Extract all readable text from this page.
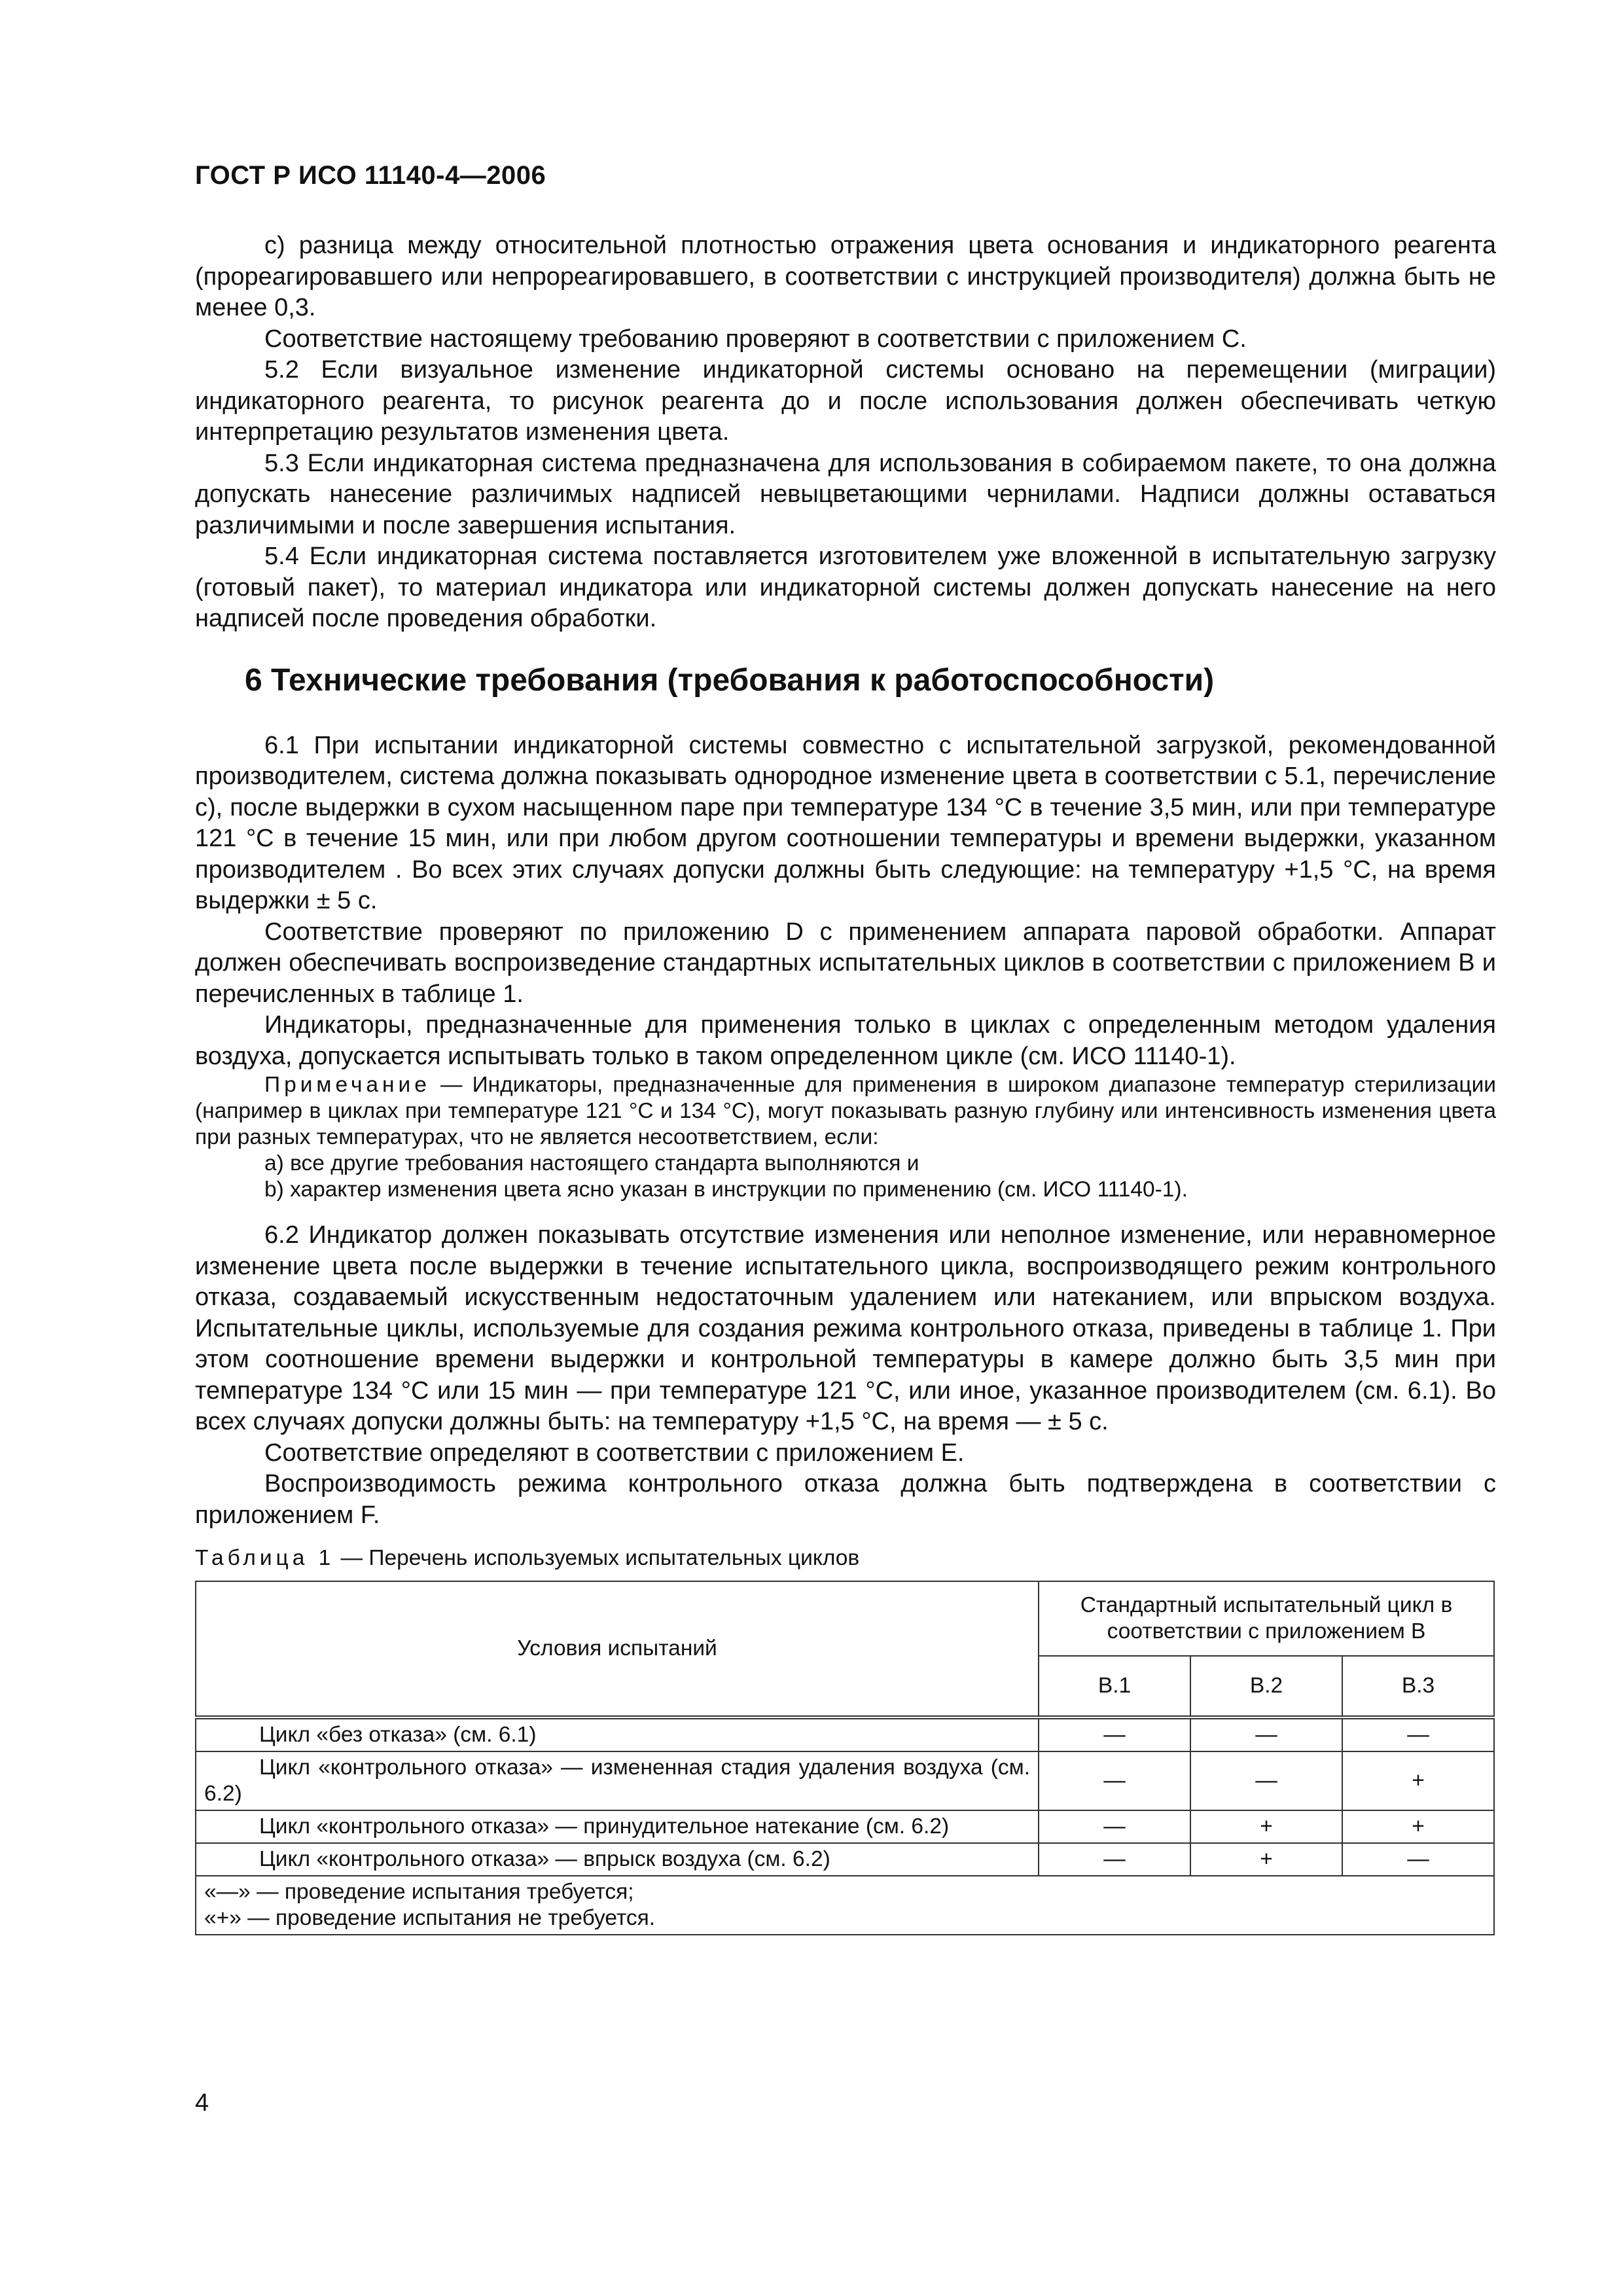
ГОСТ Р ИСО 11140-4—2006

с) разница между относительной плотностью отражения цвета основания и индикаторного реагента (прореагировавшего или непрореагировавшего, в соответствии с инструкцией производителя) должна быть не менее 0,3.

Соответствие настоящему требованию проверяют в соответствии с приложением С.

5.2 Если визуальное изменение индикаторной системы основано на перемещении (миграции) индикаторного реагента, то рисунок реагента до и после использования должен обеспечивать четкую интерпретацию результатов изменения цвета.

5.3 Если индикаторная система предназначена для использования в собираемом пакете, то она должна допускать нанесение различимых надписей невыцветающими чернилами. Надписи должны оставаться различимыми и после завершения испытания.

5.4 Если индикаторная система поставляется изготовителем уже вложенной в испытательную загрузку (готовый пакет), то материал индикатора или индикаторной системы должен допускать нанесение на него надписей после проведения обработки.

6 Технические требования (требования к работоспособности)

6.1 При испытании индикаторной системы совместно с испытательной загрузкой, рекомендованной производителем, система должна показывать однородное изменение цвета в соответствии с 5.1, перечисление с), после выдержки в сухом насыщенном паре при температуре 134 °С в течение 3,5 мин, или при температуре 121 °С в течение 15 мин, или при любом другом соотношении температуры и времени выдержки, указанном производителем . Во всех этих случаях допуски должны быть следующие: на температуру +1,5 °С, на время выдержки ± 5 с.

Соответствие проверяют по приложению D с применением аппарата паровой обработки. Аппарат должен обеспечивать воспроизведение стандартных испытательных циклов в соответствии с приложением В и перечисленных в таблице 1.

Индикаторы, предназначенные для применения только в циклах с определенным методом удаления воздуха, допускается испытывать только в таком определенном цикле (см. ИСО 11140-1).

Примечание — Индикаторы, предназначенные для применения в широком диапазоне температур стерилизации (например в циклах при температуре 121 °С и 134 °С), могут показывать разную глубину или интенсивность изменения цвета при разных температурах, что не является несоответствием, если:

a) все другие требования настоящего стандарта выполняются и

b) характер изменения цвета ясно указан в инструкции по применению (см. ИСО 11140-1).

6.2 Индикатор должен показывать отсутствие изменения или неполное изменение, или неравномерное изменение цвета после выдержки в течение испытательного цикла, воспроизводящего режим контрольного отказа, создаваемый искусственным недостаточным удалением или натеканием, или впрыском воздуха. Испытательные циклы, используемые для создания режима контрольного отказа, приведены в таблице 1. При этом соотношение времени выдержки и контрольной температуры в камере должно быть 3,5 мин при температуре 134 °С или 15 мин — при температуре 121 °С, или иное, указанное производителем (см. 6.1). Во всех случаях допуски должны быть: на температуру +1,5 °С, на время — ± 5 с.

Соответствие определяют в соответствии с приложением Е.

Воспроизводимость режима контрольного отказа должна быть подтверждена в соответствии с приложением F.

Таблица 1 — Перечень используемых испытательных циклов
Условия испытаний	Стандартный испытательный цикл в соответствии с приложением В		
	В.1	В.2	В.3
Цикл «без отказа» (см. 6.1)	—	—	—
Цикл «контрольного отказа» — измененная стадия удаления воздуха (см. 6.2)	—	—	+
Цикл «контрольного отказа» — принудительное натекание (см. 6.2)	—	+	+
Цикл «контрольного отказа» — впрыск воздуха (см. 6.2)	—	+	—

«—» — проведение испытания требуется;
«+» — проведение испытания не требуется.			
4
